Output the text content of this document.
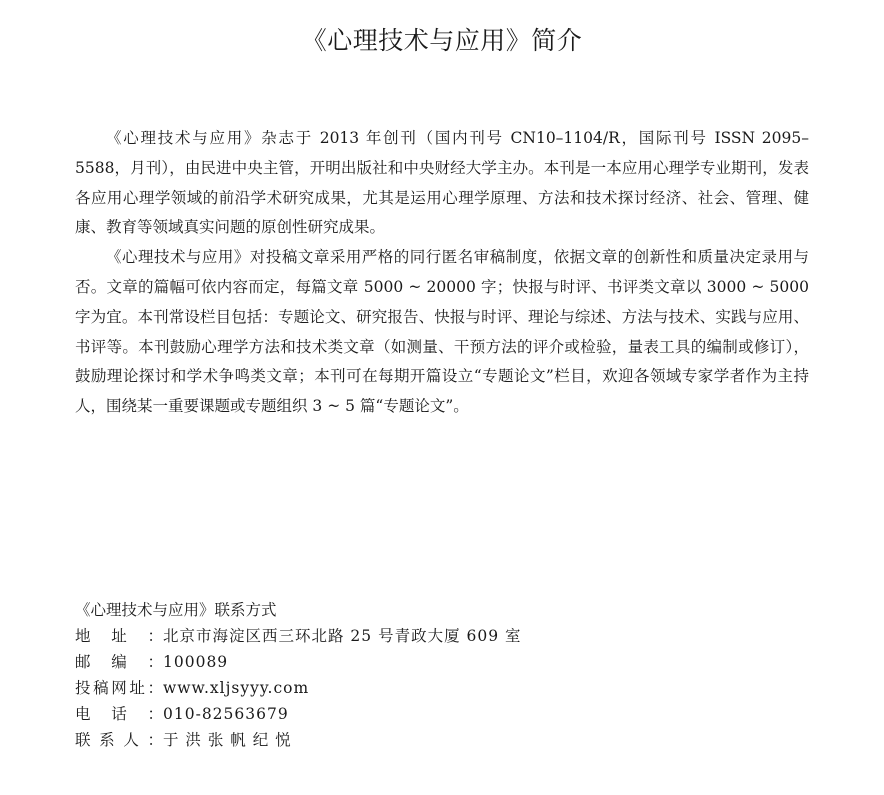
《心理技术与应用》简介

《心理技术与应用》杂志于 2013 年创刊（国内刊号 CN10–1104/R，国际刊号 ISSN 2095–5588，月刊），由民进中央主管，开明出版社和中央财经大学主办。本刊是一本应用心理学专业期刊，发表各应用心理学领域的前沿学术研究成果，尤其是运用心理学原理、方法和技术探讨经济、社会、管理、健康、教育等领域真实问题的原创性研究成果。

《心理技术与应用》对投稿文章采用严格的同行匿名审稿制度，依据文章的创新性和质量决定录用与否。文章的篇幅可依内容而定，每篇文章 5000 ~ 20000 字；快报与时评、书评类文章以 3000 ~ 5000 字为宜。本刊常设栏目包括：专题论文、研究报告、快报与时评、理论与综述、方法与技术、实践与应用、书评等。本刊鼓励心理学方法和技术类文章（如测量、干预方法的评介或检验，量表工具的编制或修订），鼓励理论探讨和学术争鸣类文章；本刊可在每期开篇设立“专题论文”栏目，欢迎各领域专家学者作为主持人，围绕某一重要课题或专题组织 3 ~ 5 篇“专题论文”。

《心理技术与应用》联系方式
地址： 北京市海淀区西三环北路 25 号青政大厦 609 室
邮编： 100089
投稿网址： www.xljsyyy.com
电话： 010-82563679
联系人： 于 洪 张 帆 纪 悦
